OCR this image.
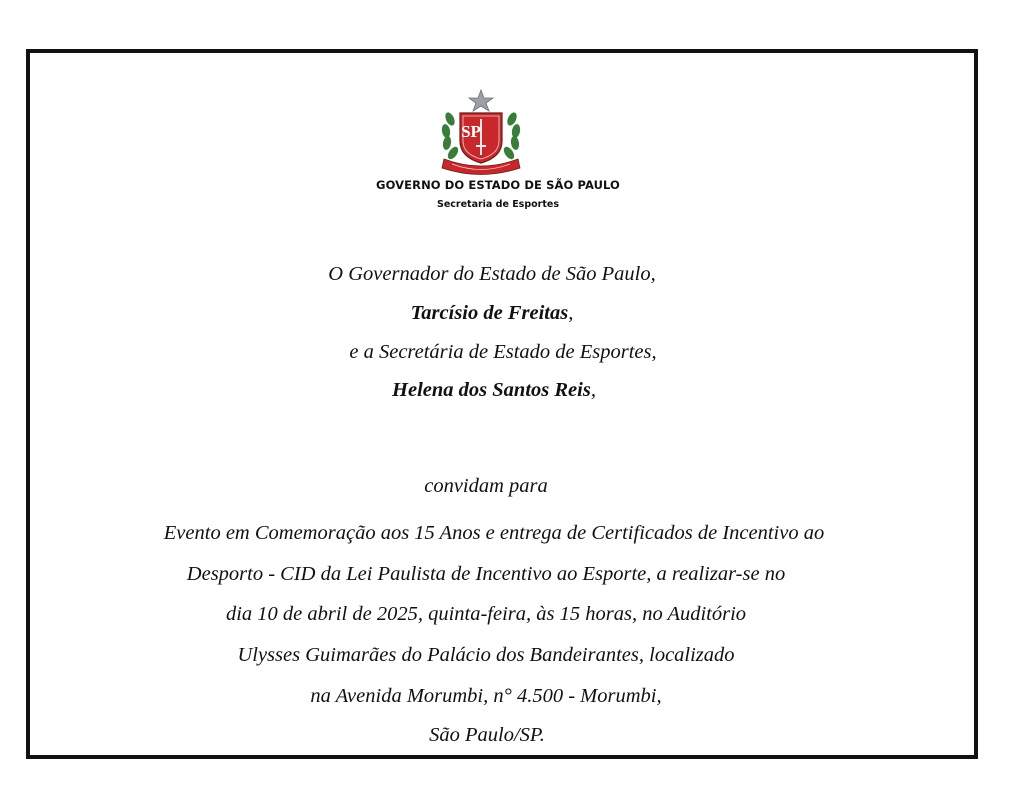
SP
GOVERNO DO ESTADO DE SÃO PAULO
Secretaria de Esportes
O Governador do Estado de São Paulo,
Tarcísio de Freitas,
e a Secretária de Estado de Esportes,
Helena dos Santos Reis,
convidam para
Evento em Comemoração aos 15 Anos e entrega de Certificados de Incentivo ao
Desporto - CID da Lei Paulista de Incentivo ao Esporte, a realizar-se no
dia 10 de abril de 2025, quinta-feira, às 15 horas, no Auditório
Ulysses Guimarães do Palácio dos Bandeirantes, localizado
na Avenida Morumbi, n° 4.500 - Morumbi,
São Paulo/SP.
